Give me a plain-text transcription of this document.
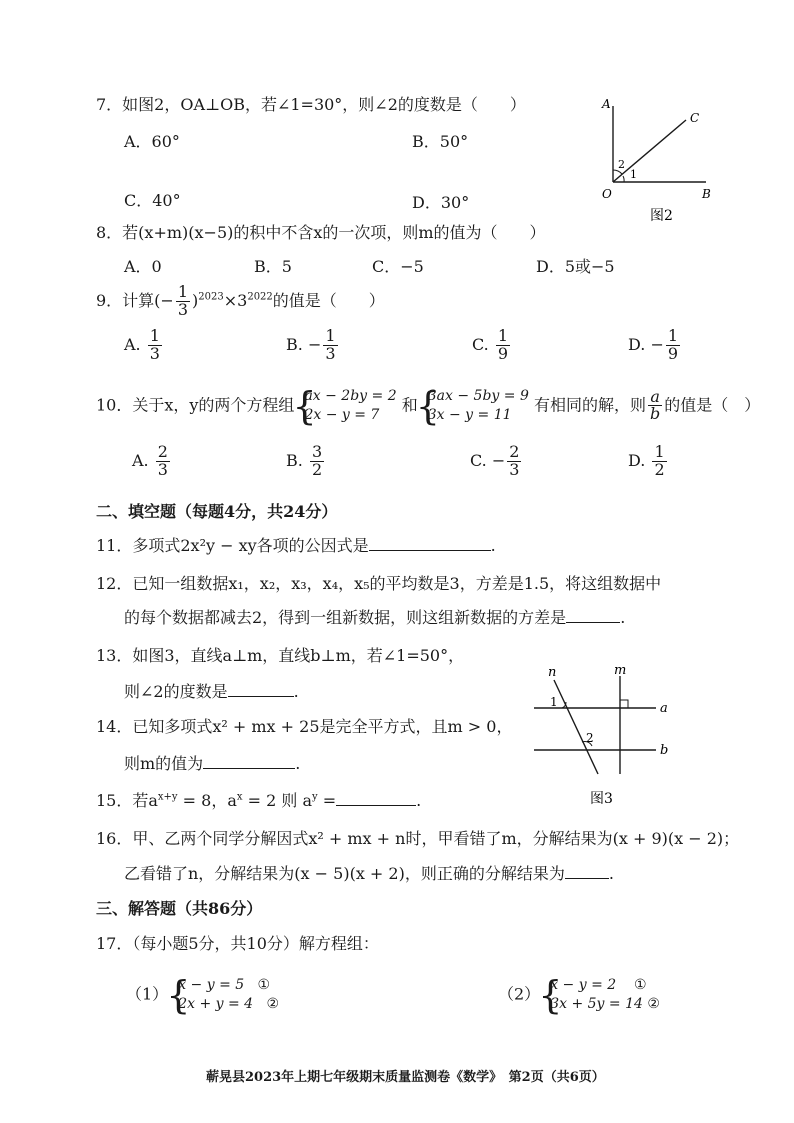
7．如图2，OA⊥OB，若∠1=30°，则∠2的度数是（　　）
A．60°	B．50°
C．40°	D．30°
A
C
O	B
2
1
图2
8．若(x+m)(x−5)的积中不含x的一次项，则m的值为（　　）
A．0	B．5	C．−5	D．5或−5
9．计算(− $\frac{1}{3} )^{2023}\times 3^{2022}$的值是（　　）
A. $\frac{1}{3}$	B. − $\frac{1}{3}$	C. $\frac{1}{9}$	D. − $\frac{1}{9}$
10．关于x，y的两个方程组 { ax − 2by = 2
2x − y = 7
和 { 3ax − 5by = 9
3x − y = 11
有相同的解，则 $\frac{a}{b}$ 的值是（　）
A. $\frac{2}{3}$	B. $\frac{3}{2}$	C. − $\frac{2}{3}$	D. $\frac{1}{2}$
二、填空题（每题4分，共24分）
11．多项式2x²y − xy各项的公因式是	.
12．已知一组数据x₁，x₂，x₃，x₄，x₅的平均数是3，方差是1.5，将这组数据中
的每个数据都减去2，得到一组新数据，则这组新数据的方差是	.
13．如图3，直线a⊥m，直线b⊥m，若∠1=50°，
则∠2的度数是	.
14．已知多项式x² + mx + 25是完全平方式，且m > 0，
则m的值为	.
15．若$a^{x+y} = 8$，$a^x = 2$ 则 $a^y$ =	.
n	m
a
b
1
2
图3
16．甲、乙两个同学分解因式x² + mx + n时，甲看错了m，分解结果为(x + 9)(x − 2)；
乙看错了n，分解结果为(x − 5)(x + 2)，则正确的分解结果为	.
三、解答题（共86分）
17．（每小题5分，共10分）解方程组：
（1） { x − y = 5 ①
2x + y = 4 ②
（2） { x − y = 2 ①
3x + 5y = 14 ②
蕲晃县2023年上期七年级期末质量监测卷《数学》　第2页（共6页）
